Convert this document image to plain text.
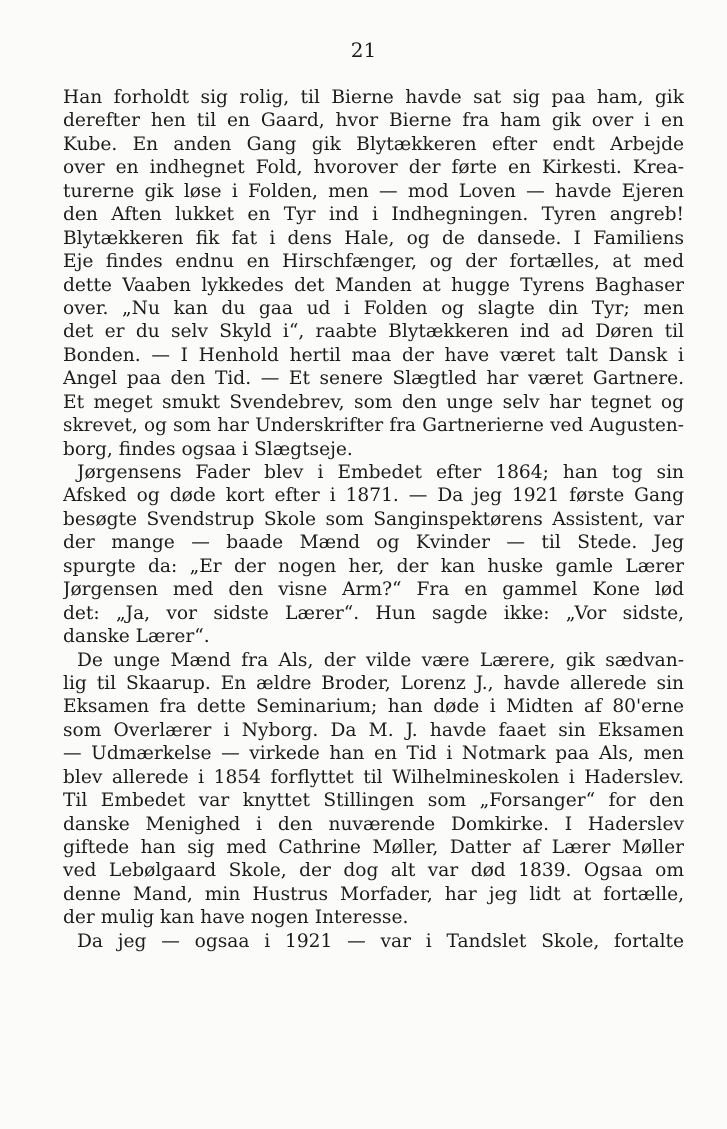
21
Han forholdt sig rolig, til Bierne havde sat sig paa ham, gik
derefter hen til en Gaard, hvor Bierne fra ham gik over i en
Kube. En anden Gang gik Blytækkeren efter endt Arbejde
over en indhegnet Fold, hvorover der førte en Kirkesti. Krea-
turerne gik løse i Folden, men — mod Loven — havde Ejeren
den Aften lukket en Tyr ind i Indhegningen. Tyren angreb!
Blytækkeren fik fat i dens Hale, og de dansede. I Familiens
Eje findes endnu en Hirschfænger, og der fortælles, at med
dette Vaaben lykkedes det Manden at hugge Tyrens Baghaser
over. „Nu kan du gaa ud i Folden og slagte din Tyr; men
det er du selv Skyld i“, raabte Blytækkeren ind ad Døren til
Bonden. — I Henhold hertil maa der have været talt Dansk i
Angel paa den Tid. — Et senere Slægtled har været Gartnere.
Et meget smukt Svendebrev, som den unge selv har tegnet og
skrevet, og som har Underskrifter fra Gartnerierne ved Augusten-
borg, findes ogsaa i Slægtseje.
Jørgensens Fader blev i Embedet efter 1864; han tog sin
Afsked og døde kort efter i 1871. — Da jeg 1921 første Gang
besøgte Svendstrup Skole som Sanginspektørens Assistent, var
der mange — baade Mænd og Kvinder — til Stede. Jeg
spurgte da: „Er der nogen her, der kan huske gamle Lærer
Jørgensen med den visne Arm?“ Fra en gammel Kone lød
det: „Ja, vor sidste Lærer“. Hun sagde ikke: „Vor sidste,
danske Lærer“.
De unge Mænd fra Als, der vilde være Lærere, gik sædvan-
lig til Skaarup. En ældre Broder, Lorenz J., havde allerede sin
Eksamen fra dette Seminarium; han døde i Midten af 80'erne
som Overlærer i Nyborg. Da M. J. havde faaet sin Eksamen
— Udmærkelse — virkede han en Tid i Notmark paa Als, men
blev allerede i 1854 forflyttet til Wilhelmineskolen i Haderslev.
Til Embedet var knyttet Stillingen som „Forsanger“ for den
danske Menighed i den nuværende Domkirke. I Haderslev
giftede han sig med Cathrine Møller, Datter af Lærer Møller
ved Lebølgaard Skole, der dog alt var død 1839. Ogsaa om
denne Mand, min Hustrus Morfader, har jeg lidt at fortælle,
der mulig kan have nogen Interesse.
Da jeg — ogsaa i 1921 — var i Tandslet Skole, fortalte
